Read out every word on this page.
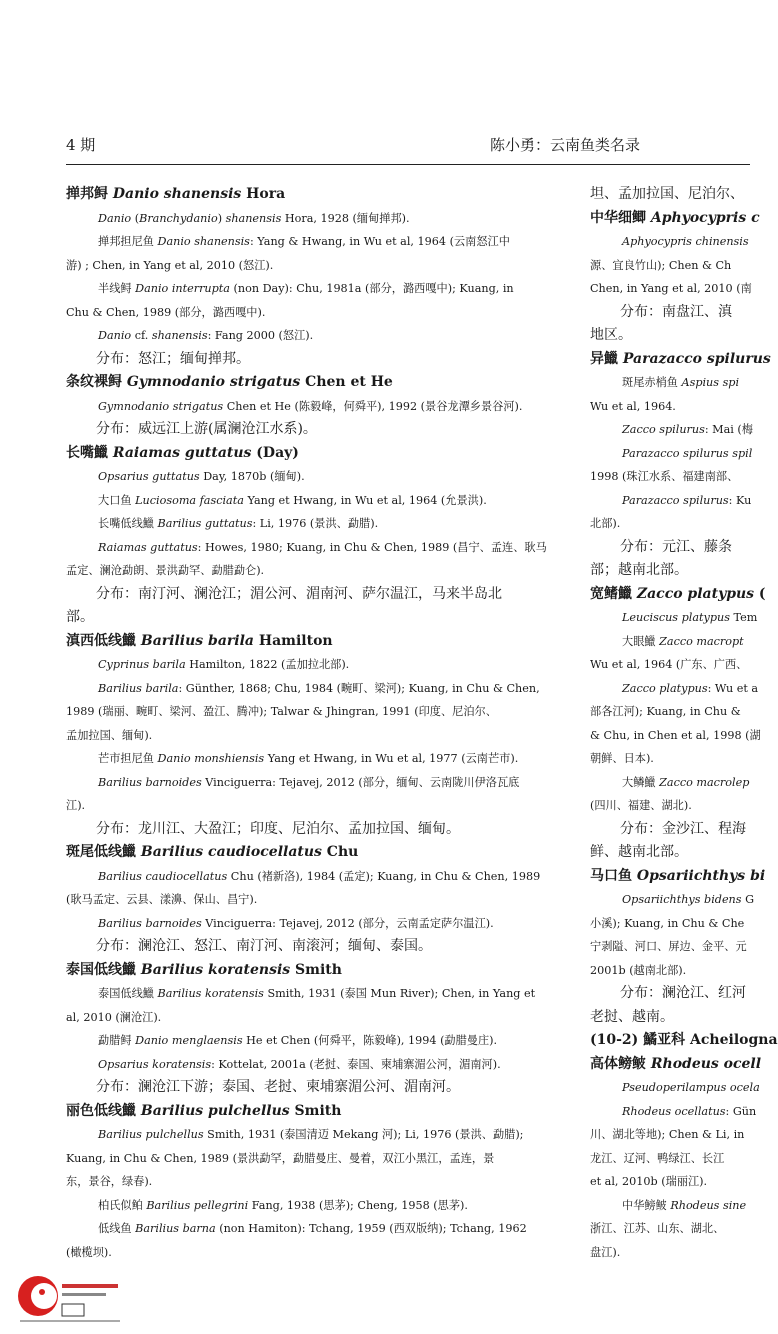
4 期	陈小勇：云南鱼类名录
掸邦鲟 Danio shanensis Hora
Danio (Branchydanio) shanensis Hora, 1928 (缅甸掸邦).
掸邦担尼鱼 Danio shanensis: Yang & Hwang, in Wu et al, 1964 (云南怒江中
游) ; Chen, in Yang et al, 2010 (怒江).
半线鲟 Danio interrupta (non Day): Chu, 1981a (部分，潞西嘎中); Kuang, in
Chu & Chen, 1989 (部分，潞西嘎中).
Danio cf. shanensis: Fang 2000 (怒江).
分布：怒江；缅甸掸邦。
条纹裸鲟 Gymnodanio strigatus Chen et He
Gymnodanio strigatus Chen et He (陈毅峰，何舜平), 1992 (景谷龙潭乡景谷河).
分布：威远江上游(属澜沧江水系)。
长嘴鱲 Raiamas guttatus (Day)
Opsarius guttatus Day, 1870b (缅甸).
大口鱼 Luciosoma fasciata Yang et Hwang, in Wu et al, 1964 (允景洪).
长嘴低线鱲 Barilius guttatus: Li, 1976 (景洪、勐腊).
Raiamas guttatus: Howes, 1980; Kuang, in Chu & Chen, 1989 (昌宁、孟连、耿马
孟定、澜沧勐朗、景洪勐罕、勐腊勐仑).
分布：南汀河、澜沧江；湄公河、湄南河、萨尔温江，马来半岛北
部。
滇西低线鱲 Barilius barila Hamilton
Cyprinus barila Hamilton, 1822 (孟加拉北部).
Barilius barila: Günther, 1868; Chu, 1984 (畹町、梁河); Kuang, in Chu & Chen,
1989 (瑞丽、畹町、梁河、盈江、腾冲); Talwar & Jhingran, 1991 (印度、尼泊尔、
孟加拉国、缅甸).
芒市担尼鱼 Danio monshiensis Yang et Hwang, in Wu et al, 1977 (云南芒市).
Barilius barnoides Vinciguerra: Tejavej, 2012 (部分，缅甸、云南陇川伊洛瓦底
江).
分布：龙川江、大盈江；印度、尼泊尔、孟加拉国、缅甸。
斑尾低线鱲 Barilius caudiocellatus Chu
Barilius caudiocellatus Chu (褚新洛), 1984 (孟定); Kuang, in Chu & Chen, 1989
(耿马孟定、云县、漾濞、保山、昌宁).
Barilius barnoides Vinciguerra: Tejavej, 2012 (部分，云南孟定萨尔温江).
分布：澜沧江、怒江、南汀河、南滚河；缅甸、泰国。
泰国低线鱲 Barilius koratensis Smith
泰国低线鱲 Barilius koratensis Smith, 1931 (泰国 Mun River); Chen, in Yang et
al, 2010 (澜沧江).
勐腊鲟 Danio menglaensis He et Chen (何舜平，陈毅峰), 1994 (勐腊曼庄).
Opsarius koratensis: Kottelat, 2001a (老挝、泰国、柬埔寨湄公河，湄南河).
分布：澜沧江下游；泰国、老挝、柬埔寨湄公河、湄南河。
丽色低线鱲 Barilius pulchellus Smith
Barilius pulchellus Smith, 1931 (泰国清迈 Mekang 河); Li, 1976 (景洪、勐腊);
Kuang, in Chu & Chen, 1989 (景洪勐罕，勐腊曼庄、曼着，双江小黑江，孟连，景
东，景谷，绿春).
柏氏似鲌 Barilius pellegrini Fang, 1938 (思茅); Cheng, 1958 (思茅).
低线鱼 Barilius barna (non Hamiton): Tchang, 1959 (西双版纳); Tchang, 1962
(橄榄坝).
坦、孟加拉国、尼泊尔、
中华细鲫 Aphyocypris c
Aphyocypris chinensis
源、宜良竹山); Chen & Ch
Chen, in Yang et al, 2010 (南
分布：南盘江、滇
地区。
异鱲 Parazacco spilurus
斑尾赤梢鱼 Aspius spi
Wu et al, 1964.
Zacco spilurus: Mai (梅
Parazacco spilurus spil
1998 (珠江水系、福建南部、
Parazacco spilurus: Ku
北部).
分布：元江、藤条
部；越南北部。
宽鳍鱲 Zacco platypus (
Leuciscus platypus Tem
大眼鱲 Zacco macropt
Wu et al, 1964 (广东、广西、
Zacco platypus: Wu et a
部各江河); Kuang, in Chu &
& Chu, in Chen et al, 1998 (湖
朝鲜、日本).
大鳞鱲 Zacco macrolep
(四川、福建、湖北).
分布：金沙江、程海
鲜、越南北部。
马口鱼 Opsariichthys bi
Opsariichthys bidens G
小溪); Kuang, in Chu & Che
宁剥隘、河口、屏边、金平、元
2001b (越南北部).
分布：澜沧江、红河
老挝、越南。
(10-2) 鱊亚科 Acheilogna
高体鳑鲏 Rhodeus ocell
Pseudoperilampus ocela
Rhodeus ocellatus: Gün
川、湖北等地); Chen & Li, in
龙江、辽河、鸭绿江、长江
et al, 2010b (瑞丽江).
中华鳑鲏 Rhodeus sine
浙江、江苏、山东、湖北、
盘江).
